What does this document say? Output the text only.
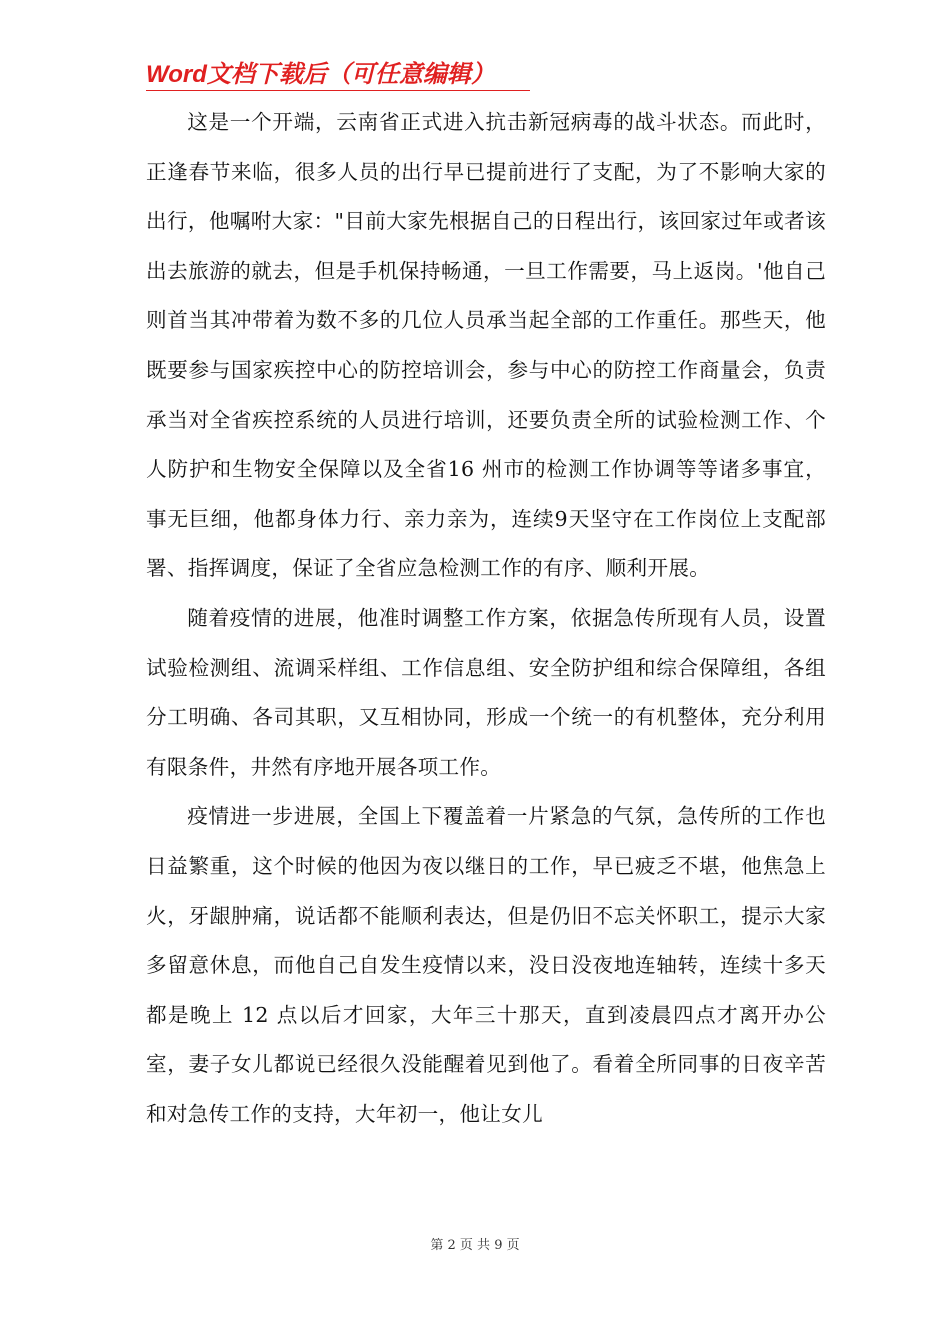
Word文档下载后（可任意编辑）

这是一个开端，云南省正式进入抗击新冠病毒的战斗状态。而此时，正逢春节来临，很多人员的出行早已提前进行了支配，为了不影响大家的出行，他嘱咐大家："目前大家先根据自己的日程出行，该回家过年或者该出去旅游的就去，但是手机保持畅通，一旦工作需要，马上返岗。'他自己则首当其冲带着为数不多的几位人员承当起全部的工作重任。那些天，他既要参与国家疾控中心的防控培训会，参与中心的防控工作商量会，负责承当对全省疾控系统的人员进行培训，还要负责全所的试验检测工作、个人防护和生物安全保障以及全省16 州市的检测工作协调等等诸多事宜，事无巨细，他都身体力行、亲力亲为，连续9天坚守在工作岗位上支配部署、指挥调度，保证了全省应急检测工作的有序、顺利开展。

随着疫情的进展，他准时调整工作方案，依据急传所现有人员，设置试验检测组、流调采样组、工作信息组、安全防护组和综合保障组，各组分工明确、各司其职，又互相协同，形成一个统一的有机整体，充分利用有限条件，井然有序地开展各项工作。

疫情进一步进展，全国上下覆盖着一片紧急的气氛，急传所的工作也日益繁重，这个时候的他因为夜以继日的工作，早已疲乏不堪，他焦急上火，牙龈肿痛，说话都不能顺利表达，但是仍旧不忘关怀职工，提示大家多留意休息，而他自己自发生疫情以来，没日没夜地连轴转，连续十多天都是晚上 12 点以后才回家，大年三十那天，直到凌晨四点才离开办公室，妻子女儿都说已经很久没能醒着见到他了。看着全所同事的日夜辛苦和对急传工作的支持，大年初一，他让女儿

第 2 页 共 9 页
